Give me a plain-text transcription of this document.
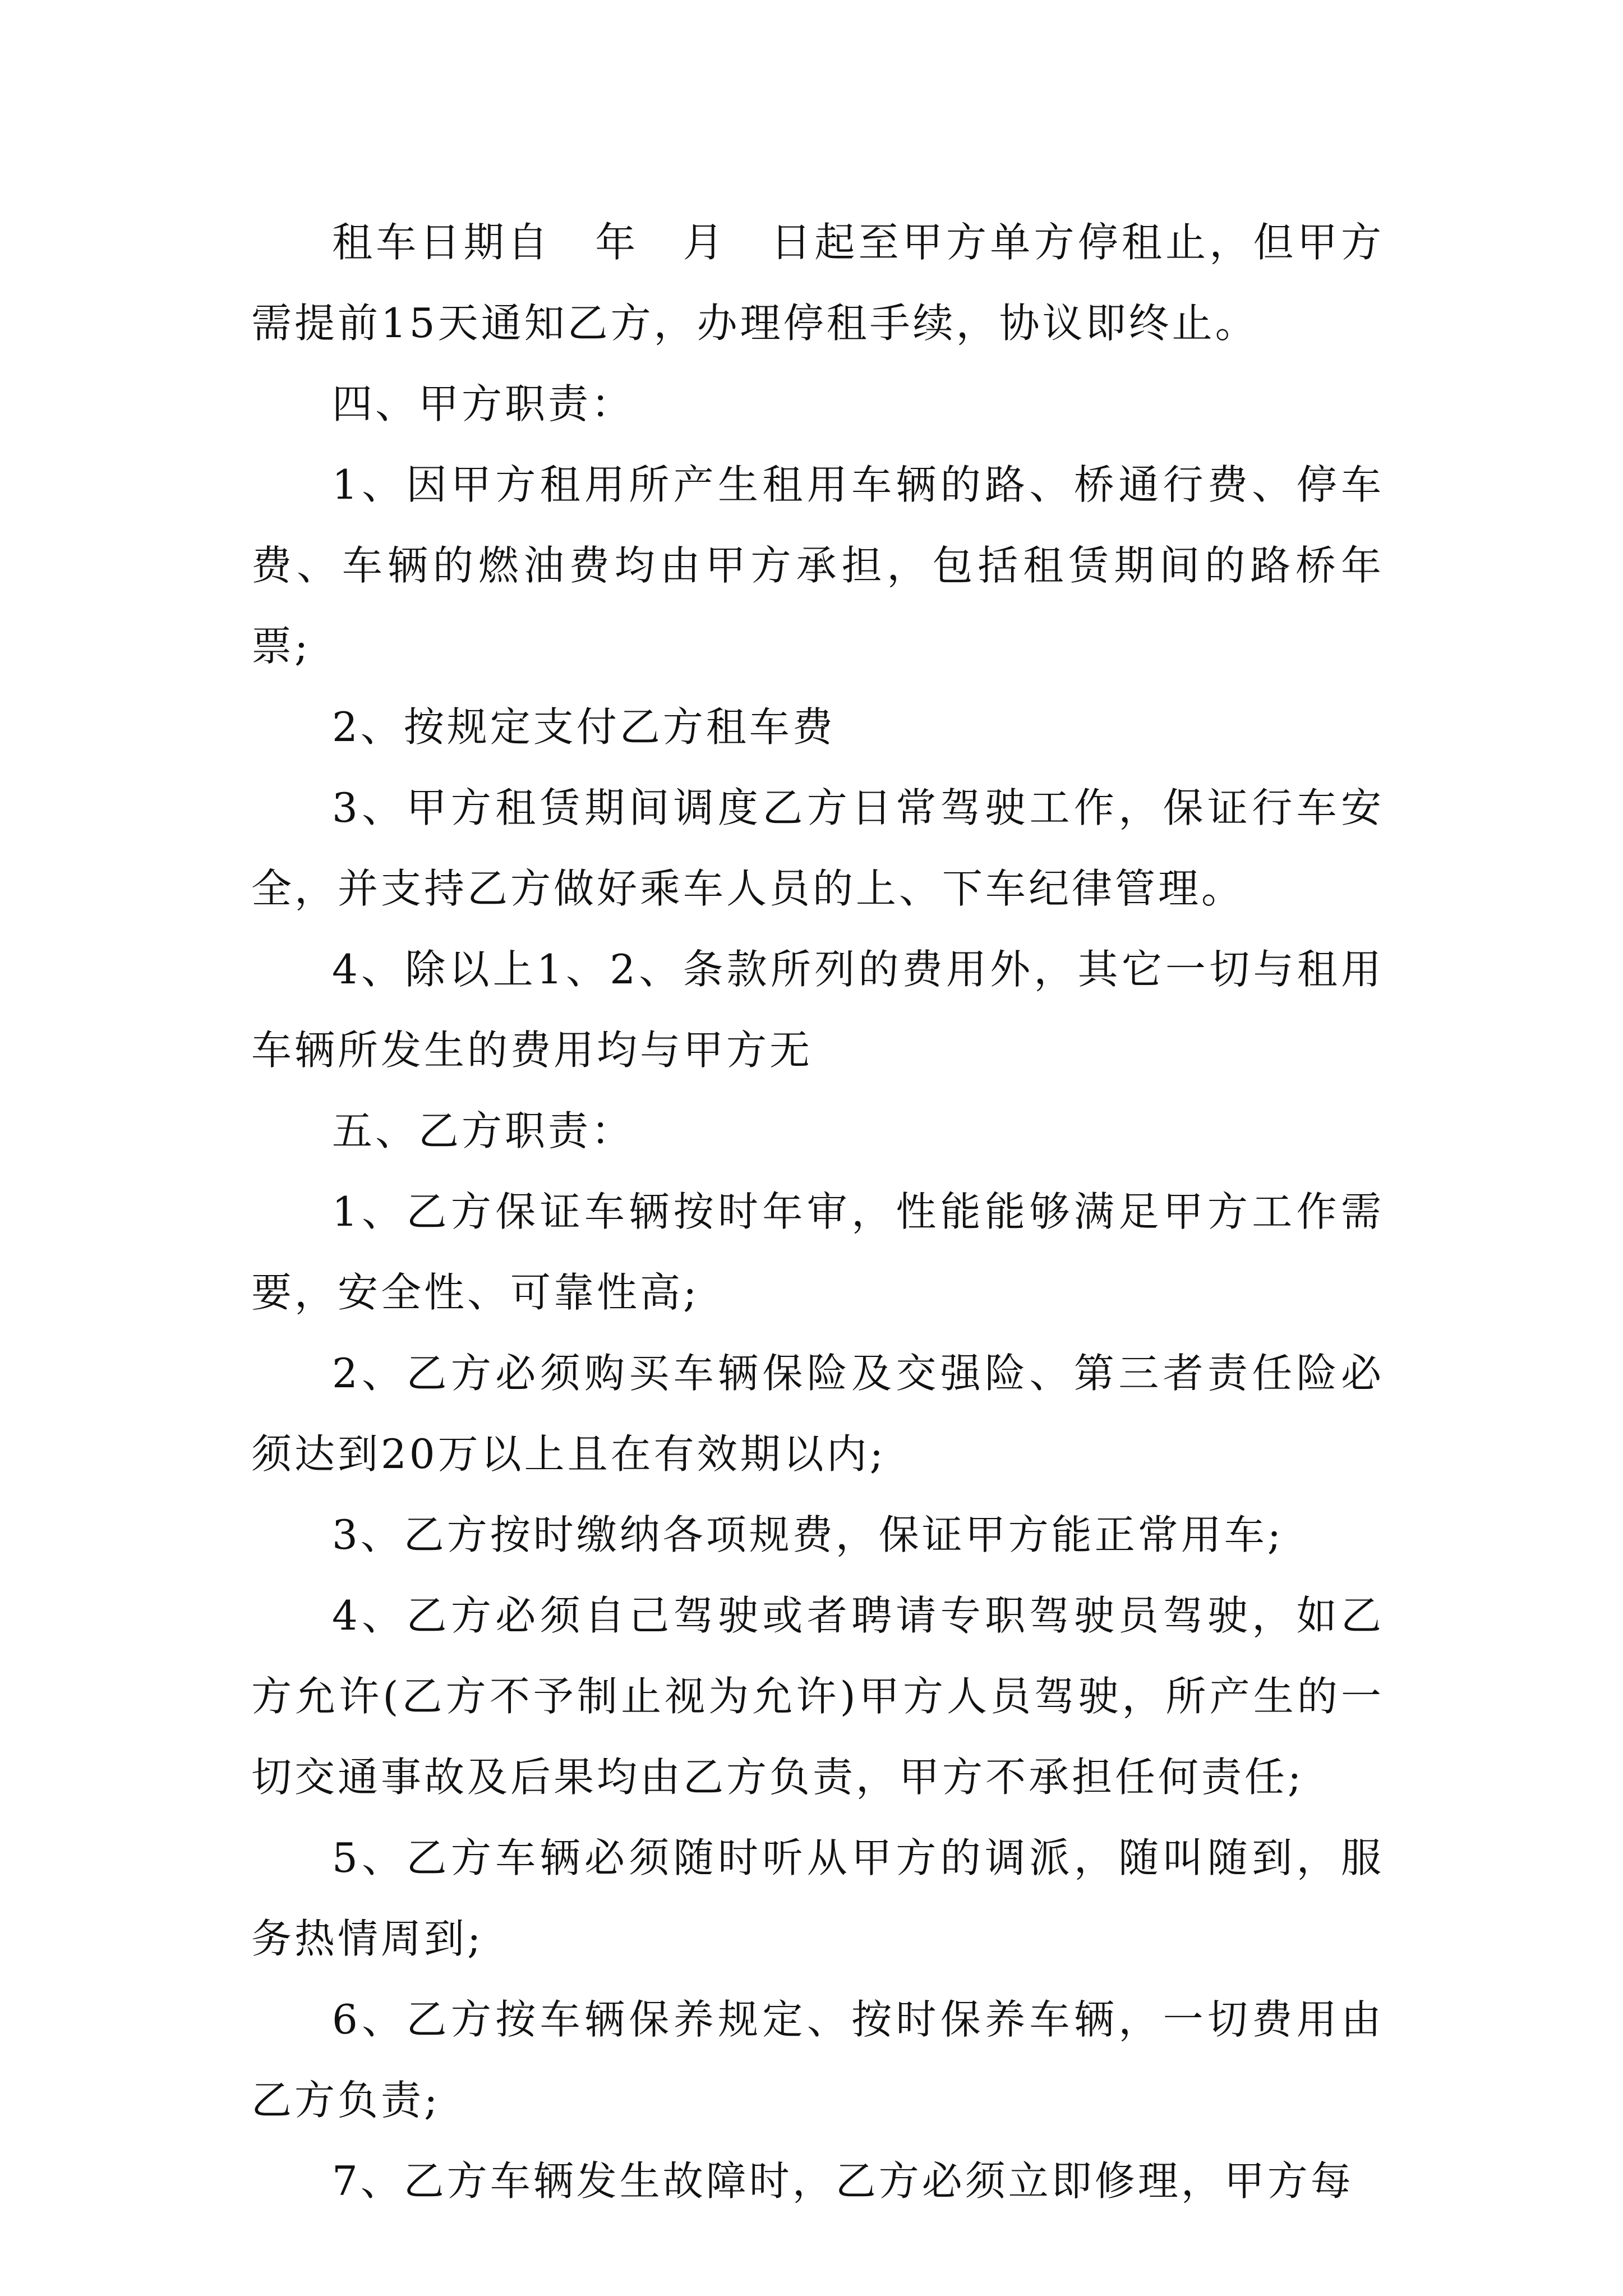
租车日期自　年　月　日起至甲方单方停租止，但甲方需提前15天通知乙方，办理停租手续，协议即终止。

四、甲方职责：

1、因甲方租用所产生租用车辆的路、桥通行费、停车费、车辆的燃油费均由甲方承担，包括租赁期间的路桥年票;

2、按规定支付乙方租车费

3、甲方租赁期间调度乙方日常驾驶工作，保证行车安全，并支持乙方做好乘车人员的上、下车纪律管理。

4、除以上1、2、条款所列的费用外，其它一切与租用车辆所发生的费用均与甲方无

五、乙方职责：

1、乙方保证车辆按时年审，性能能够满足甲方工作需要，安全性、可靠性高;

2、乙方必须购买车辆保险及交强险、第三者责任险必须达到20万以上且在有效期以内;

3、乙方按时缴纳各项规费，保证甲方能正常用车;

4、乙方必须自己驾驶或者聘请专职驾驶员驾驶，如乙方允许(乙方不予制止视为允许)甲方人员驾驶，所产生的一切交通事故及后果均由乙方负责，甲方不承担任何责任;

5、乙方车辆必须随时听从甲方的调派，随叫随到，服务热情周到;

6、乙方按车辆保养规定、按时保养车辆，一切费用由乙方负责;

7、乙方车辆发生故障时，乙方必须立即修理，甲方每
